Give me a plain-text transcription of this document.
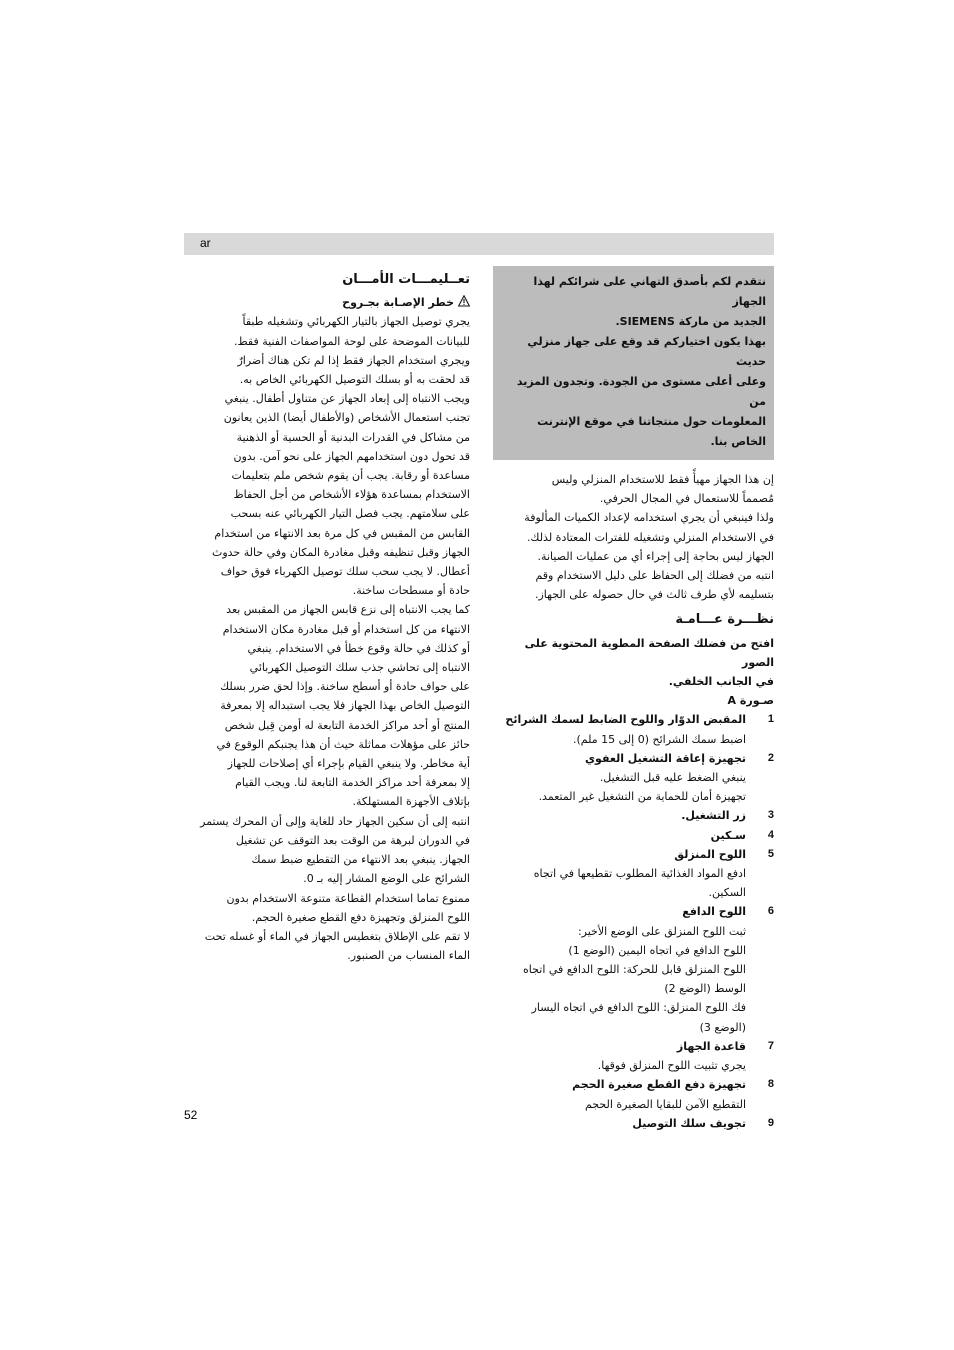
ar
نتقدم لكم بأصدق التهاني على شرائكم لهذا الجهاز
الجديد من ماركة SIEMENS.
بهذا يكون اختياركم قد وقع على جهاز منزلي حديث
وعلى أعلى مستوى من الجودة. وتجدون المزيد من
المعلومات حول منتجاتنا في موقع الإنترنت الخاص بنا.

إن هذا الجهاز مهيأً فقط للاستخدام المنزلي وليس

مُصمماً للاستعمال في المجال الحرفي.

ولذا فينبغي أن يجري استخدامه لإعداد الكميات المألوفة

في الاستخدام المنزلي وتشغيله للفترات المعتادة لذلك.

الجهاز ليس بحاجة إلى إجراء أي من عمليات الصيانة.

انتبه من فضلك إلى الحفاظ على دليل الاستخدام وقم

بتسليمه لأي طرف ثالث في حال حصوله على الجهاز.

نظـــرة عـــامـة

افتح من فضلك الصفحة المطوية المحتوية على الصور

في الجانب الخلفي.

صـورة A

1
المقبض الدوّار واللوح الضابط لسمك الشرائح
اضبط سمك الشرائح (0 إلى 15 ملم).
2
تجهيزة إعاقة التشغيل العفوي
ينبغي الضغط عليه قبل التشغيل.
تجهيزة أمان للحماية من التشغيل غير المتعمد.
3
زر التشغيل.
4
سـكين
5
اللوح المنزلق
ادفع المواد الغذائية المطلوب تقطيعها في اتجاه
السكين.
6
اللوح الدافع
ثبت اللوح المنزلق على الوضع الأخير:
اللوح الدافع في اتجاه اليمين (الوضع 1)
اللوح المنزلق قابل للحركة: اللوح الدافع في اتجاه
الوسط (الوضع 2)
فك اللوح المنزلق: اللوح الدافع في اتجاه اليسار
(الوضع 3)
7
قاعدة الجهاز
يجري تثبيت اللوح المنزلق فوقها.
8
تجهيزة دفع القطع صغيرة الحجم
التقطيع الآمن للبقايا الصغيرة الحجم
9
تجويف سلك التوصيل
تعــليمـــات الأمـــان
خطر الإصـابة بجـروح

يجري توصيل الجهاز بالتيار الكهربائي وتشغيله طبقاً

للبيانات الموضحة على لوحة المواصفات الفنية فقط.

ويجري استخدام الجهاز فقط إذا لم تكن هناك أضرارٌ

قد لحقت به أو بسلك التوصيل الكهربائي الخاص به.

ويجب الانتباه إلى إبعاد الجهاز عن متناول أطفال. ينبغي

تجنب استعمال الأشخاص (والأطفال أيضا) الذين يعانون

من مشاكل في القدرات البدنية أو الحسية أو الذهنية

قد تحول دون استخدامهم الجهاز على نحو آمن. بدون

مساعدة أو رقابة. يجب أن يقوم شخص ملم بتعليمات

الاستخدام بمساعدة هؤلاء الأشخاص من أجل الحفاظ

على سلامتهم. يجب فصل التيار الكهربائي عنه بسحب

القابس من المقبس في كل مرة بعد الانتهاء من استخدام

الجهاز وقبل تنظيفه وقبل مغادرة المكان وفي حالة حدوث

أعطال. لا يجب سحب سلك توصيل الكهرباء فوق حواف

حادة أو مسطحات ساخنة.

كما يجب الانتباه إلى نزع قابس الجهاز من المقبس بعد

الانتهاء من كل استخدام أو قبل مغادرة مكان الاستخدام

أو كذلك في حالة وقوع خطأ في الاستخدام. ينبغي

الانتباه إلى تحاشي جذب سلك التوصيل الكهربائي

على حواف حادة أو أسطح ساخنة. وإذا لحق ضرر بسلك

التوصيل الخاص بهذا الجهاز فلا يجب استبداله إلا بمعرفة

المنتج أو أحد مراكز الخدمة التابعة له أومن قِبل شخص

حائز على مؤهلات مماثلة حيث أن هذا يجنبكم الوقوع في

أية مخاطر. ولا ينبغي القيام بإجراء أي إصلاحات للجهاز

إلا بمعرفة أحد مراكز الخدمة التابعة لنا. ويجب القيام

بإتلاف الأجهزة المستهلكة.

انتبه إلى أن سكين الجهاز حاد للغاية وإلى أن المحرك يستمر

في الدوران لبرهة من الوقت بعد التوقف عن تشغيل

الجهاز. ينبغي بعد الانتهاء من التقطيع ضبط سمك

الشرائح على الوضع المشار إليه بـ 0.

ممنوع تماما استخدام القطاعة متنوعة الاستخدام بدون

اللوح المنزلق وتجهيزة دفع القطع صغيرة الحجم.

لا تقم على الإطلاق بتغطيس الجهاز في الماء أو غسله تحت

الماء المنساب من الصنبور.

52
